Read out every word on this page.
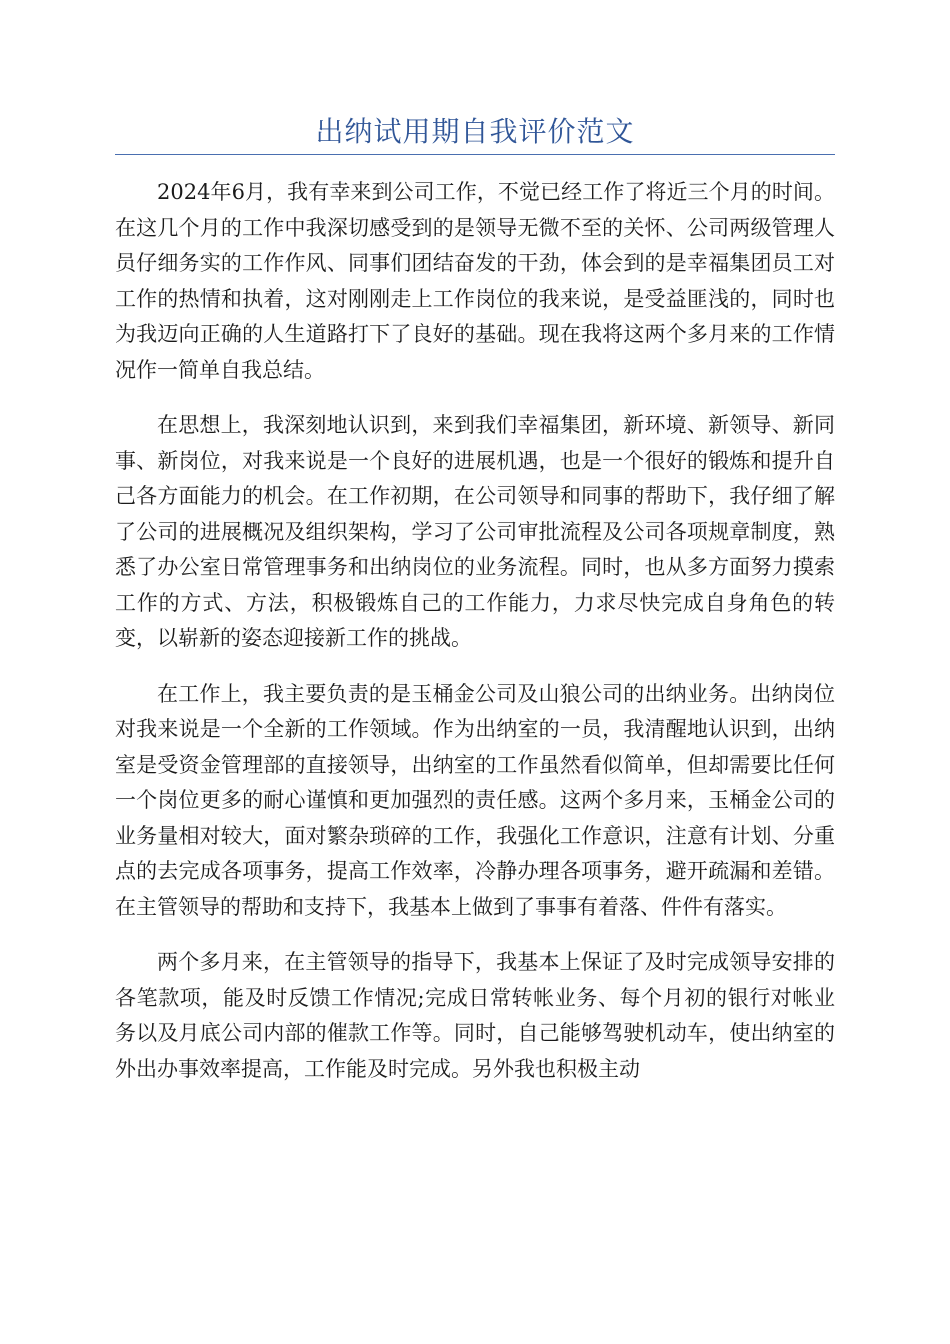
出纳试用期自我评价范文

2024年6月，我有幸来到公司工作，不觉已经工作了将近三个月的时间。在这几个月的工作中我深切感受到的是领导无微不至的关怀、公司两级管理人员仔细务实的工作作风、同事们团结奋发的干劲，体会到的是幸福集团员工对工作的热情和执着，这对刚刚走上工作岗位的我来说，是受益匪浅的，同时也为我迈向正确的人生道路打下了良好的基础。现在我将这两个多月来的工作情况作一简单自我总结。

在思想上，我深刻地认识到，来到我们幸福集团，新环境、新领导、新同事、新岗位，对我来说是一个良好的进展机遇，也是一个很好的锻炼和提升自己各方面能力的机会。在工作初期，在公司领导和同事的帮助下，我仔细了解了公司的进展概况及组织架构，学习了公司审批流程及公司各项规章制度，熟悉了办公室日常管理事务和出纳岗位的业务流程。同时，也从多方面努力摸索工作的方式、方法，积极锻炼自己的工作能力，力求尽快完成自身角色的转变，以崭新的姿态迎接新工作的挑战。

在工作上，我主要负责的是玉桶金公司及山狼公司的出纳业务。出纳岗位对我来说是一个全新的工作领域。作为出纳室的一员，我清醒地认识到，出纳室是受资金管理部的直接领导，出纳室的工作虽然看似简单，但却需要比任何一个岗位更多的耐心谨慎和更加强烈的责任感。这两个多月来，玉桶金公司的业务量相对较大，面对繁杂琐碎的工作，我强化工作意识，注意有计划、分重点的去完成各项事务，提高工作效率，冷静办理各项事务，避开疏漏和差错。在主管领导的帮助和支持下，我基本上做到了事事有着落、件件有落实。

两个多月来，在主管领导的指导下，我基本上保证了及时完成领导安排的各笔款项，能及时反馈工作情况;完成日常转帐业务、每个月初的银行对帐业务以及月底公司内部的催款工作等。同时，自己能够驾驶机动车，使出纳室的外出办事效率提高，工作能及时完成。另外我也积极主动
